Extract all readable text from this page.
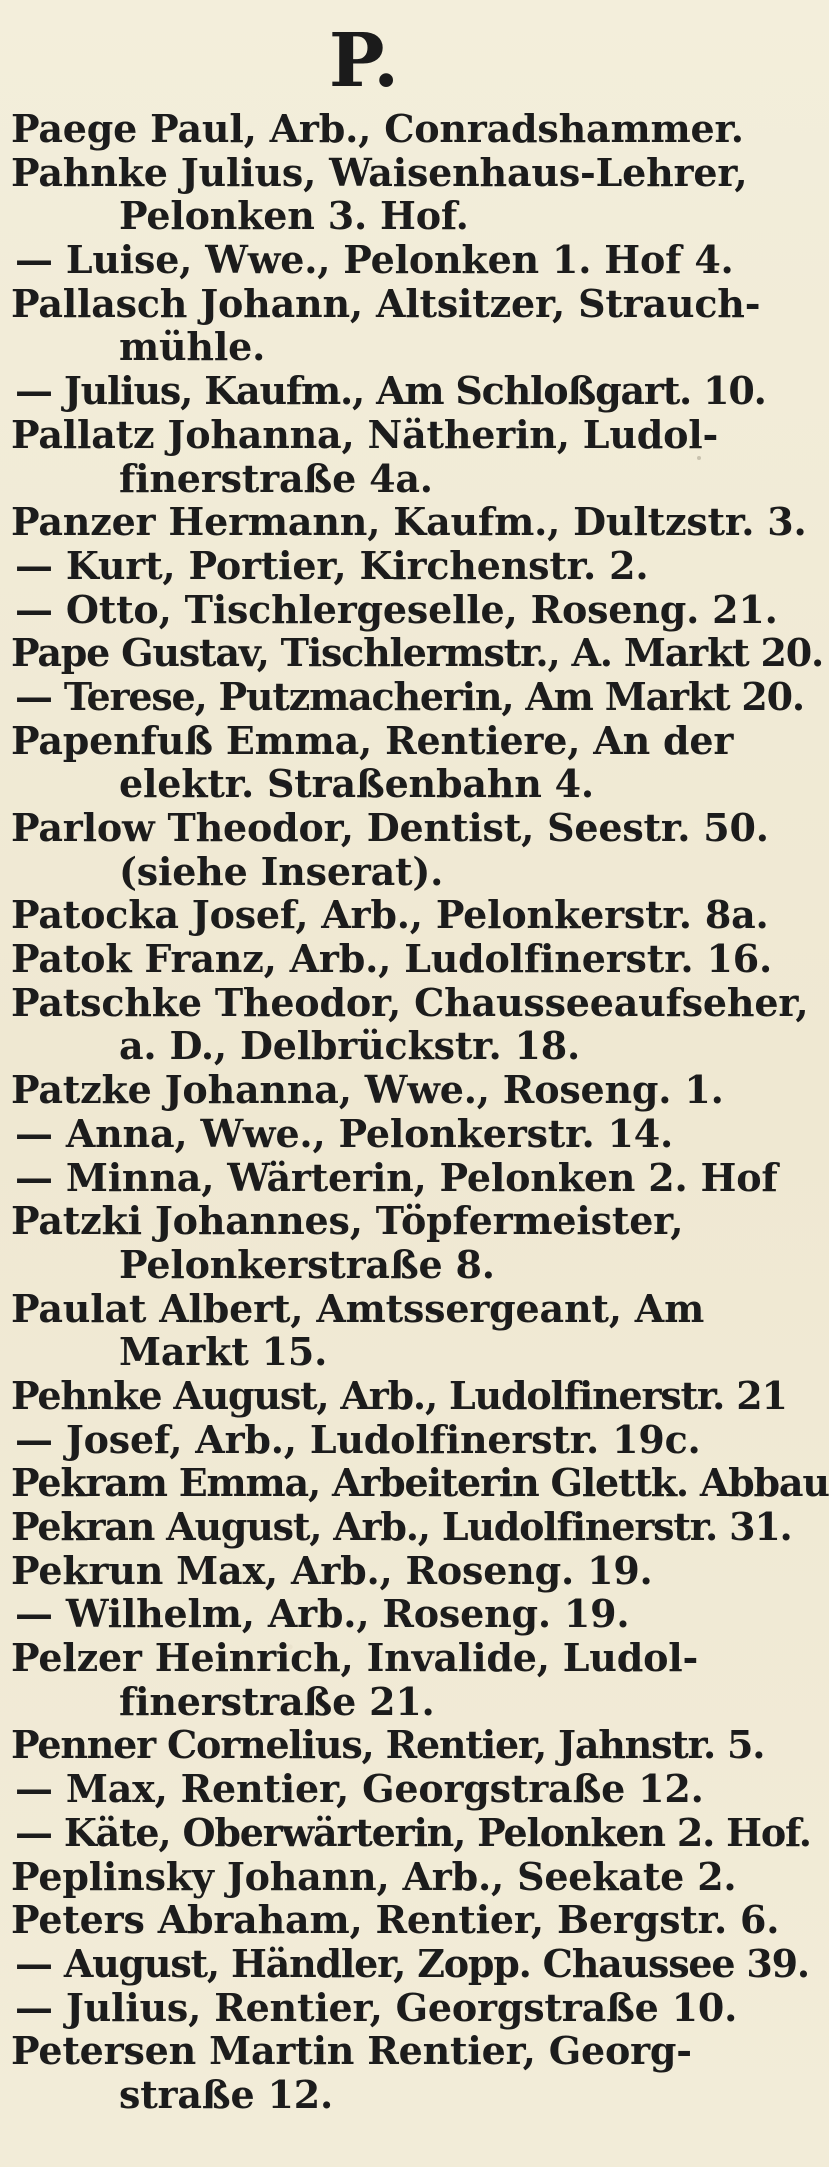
P.
Paege Paul, Arb., Conradshammer.
Pahnke Julius, Waisenhaus-Lehrer,
Pelonken 3. Hof.
— Luise, Wwe., Pelonken 1. Hof 4.
Pallasch Johann, Altsitzer, Strauch-
mühle.
— Julius, Kaufm., Am Schloßgart. 10.
Pallatz Johanna, Nätherin, Ludol-
finerstraße 4a.
Panzer Hermann, Kaufm., Dultzstr. 3.
— Kurt, Portier, Kirchenstr. 2.
— Otto, Tischlergeselle, Roseng. 21.
Pape Gustav, Tischlermstr., A. Markt 20.
— Terese, Putzmacherin, Am Markt 20.
Papenfuß Emma, Rentiere, An der
elektr. Straßenbahn 4.
Parlow Theodor, Dentist, Seestr. 50.
(siehe Inserat).
Patocka Josef, Arb., Pelonkerstr. 8a.
Patok Franz, Arb., Ludolfinerstr. 16.
Patschke Theodor, Chausseeaufseher,
a. D., Delbrückstr. 18.
Patzke Johanna, Wwe., Roseng. 1.
— Anna, Wwe., Pelonkerstr. 14.
— Minna, Wärterin, Pelonken 2. Hof
Patzki Johannes, Töpfermeister,
Pelonkerstraße 8.
Paulat Albert, Amtssergeant, Am
Markt 15.
Pehnke August, Arb., Ludolfinerstr. 21
— Josef, Arb., Ludolfinerstr. 19c.
Pekram Emma, Arbeiterin Glettk. Abbau
Pekran August, Arb., Ludolfinerstr. 31.
Pekrun Max, Arb., Roseng. 19.
— Wilhelm, Arb., Roseng. 19.
Pelzer Heinrich, Invalide, Ludol-
finerstraße 21.
Penner Cornelius, Rentier, Jahnstr. 5.
— Max, Rentier, Georgstraße 12.
— Käte, Oberwärterin, Pelonken 2. Hof.
Peplinsky Johann, Arb., Seekate 2.
Peters Abraham, Rentier, Bergstr. 6.
— August, Händler, Zopp. Chaussee 39.
— Julius, Rentier, Georgstraße 10.
Petersen Martin Rentier, Georg-
straße 12.
